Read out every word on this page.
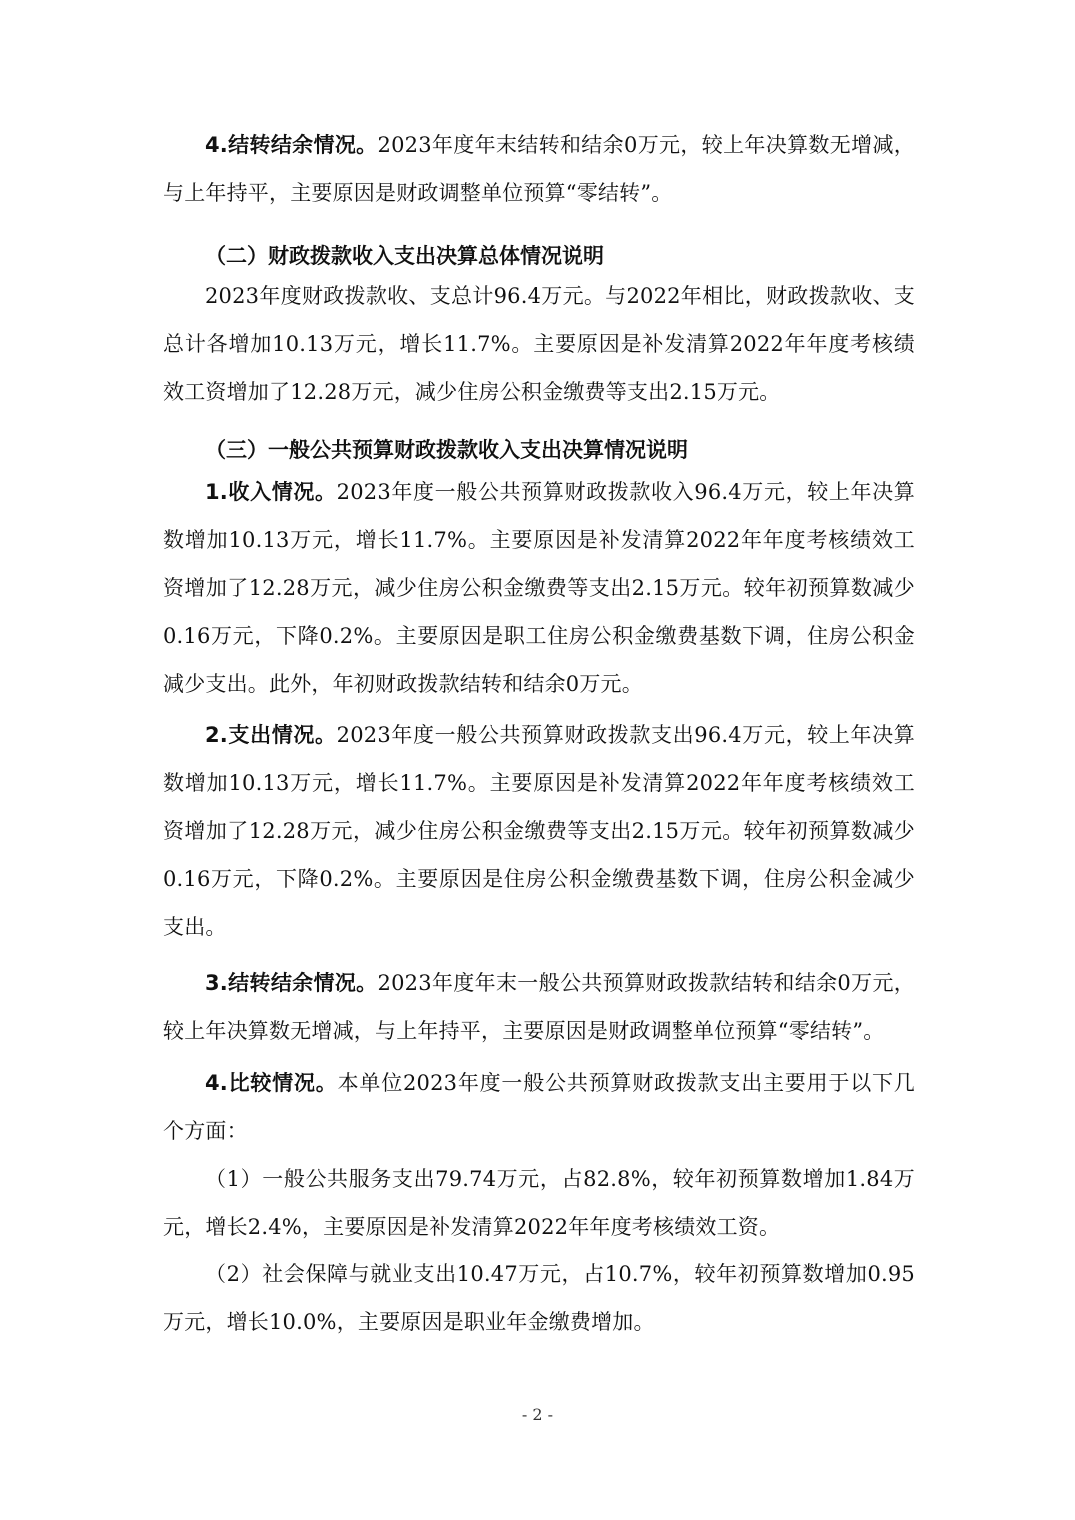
4.结转结余情况。2023年度年末结转和结余0万元，较上年决算数无增减，与上年持平，主要原因是财政调整单位预算“零结转”。

（二）财政拨款收入支出决算总体情况说明

2023年度财政拨款收、支总计96.4万元。与2022年相比，财政拨款收、支总计各增加10.13万元，增长11.7%。主要原因是补发清算2022年年度考核绩效工资增加了12.28万元，减少住房公积金缴费等支出2.15万元。

（三）一般公共预算财政拨款收入支出决算情况说明

1.收入情况。2023年度一般公共预算财政拨款收入96.4万元，较上年决算数增加10.13万元，增长11.7%。主要原因是补发清算2022年年度考核绩效工资增加了12.28万元，减少住房公积金缴费等支出2.15万元。较年初预算数减少0.16万元，下降0.2%。主要原因是职工住房公积金缴费基数下调，住房公积金减少支出。此外，年初财政拨款结转和结余0万元。

2.支出情况。2023年度一般公共预算财政拨款支出96.4万元，较上年决算数增加10.13万元，增长11.7%。主要原因是补发清算2022年年度考核绩效工资增加了12.28万元，减少住房公积金缴费等支出2.15万元。较年初预算数减少0.16万元，下降0.2%。主要原因是住房公积金缴费基数下调，住房公积金减少支出。

3.结转结余情况。2023年度年末一般公共预算财政拨款结转和结余0万元，较上年决算数无增减，与上年持平，主要原因是财政调整单位预算“零结转”。

4.比较情况。本单位2023年度一般公共预算财政拨款支出主要用于以下几个方面：

（1）一般公共服务支出79.74万元，占82.8%，较年初预算数增加1.84万元，增长2.4%，主要原因是补发清算2022年年度考核绩效工资。

（2）社会保障与就业支出10.47万元，占10.7%，较年初预算数增加0.95万元，增长10.0%，主要原因是职业年金缴费增加。

- 2 -
